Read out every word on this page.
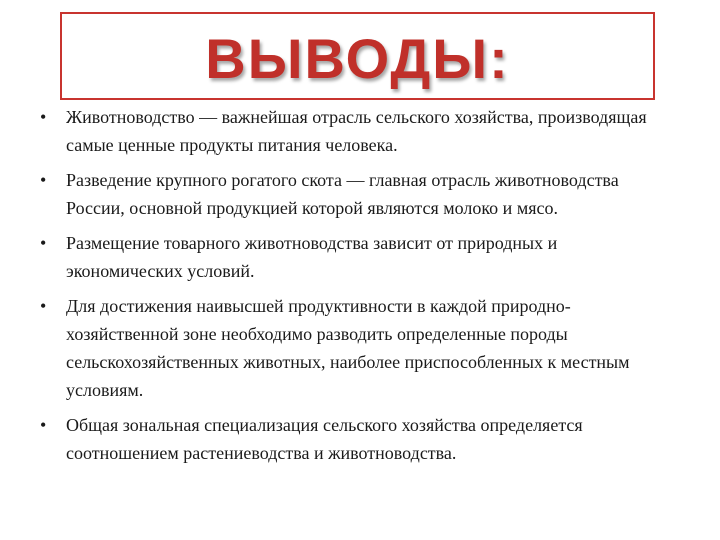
ВЫВОДЫ:
• Животноводство — важнейшая отрасль сельского хозяйства, производящая самые ценные продукты питания человека.
• Разведение крупного рогатого скота — главная отрасль животноводства России, основной продукцией которой являются молоко и мясо.
• Размещение товарного животноводства зависит от природных и экономических условий.
• Для достижения наивысшей продуктивности в каждой природно-хозяйственной зоне необходимо разводить определенные породы сельскохозяйственных животных, наиболее приспособленных к местным условиям.
• Общая зональная специализация сельского хозяйства определяется соотношением растениеводства и животноводства.
